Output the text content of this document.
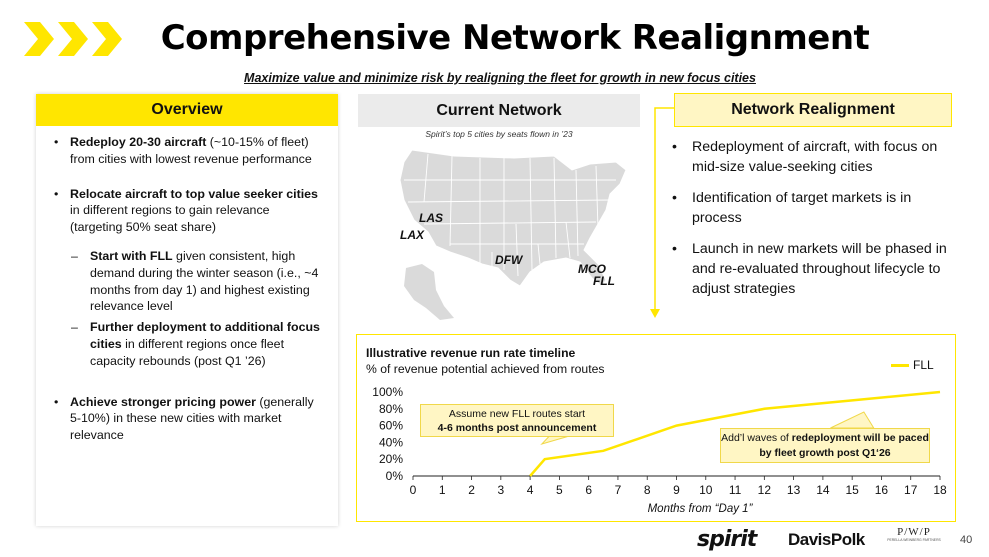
Comprehensive Network Realignment
Maximize value and minimize risk by realigning the fleet for growth in new focus cities
Overview
• Redeploy 20-30 aircraft (~10-15% of fleet) from cities with lowest revenue performance
• Relocate aircraft to top value seeker cities in different regions to gain relevance (targeting 50% seat share)
– Start with FLL given consistent, high demand during the winter season (i.e., ~4 months from day 1) and highest existing relevance level
– Further deployment to additional focus cities in different regions once fleet capacity rebounds (post Q1 ’26)
• Achieve stronger pricing power (generally 5-10%) in these new cities with market relevance
Current Network
Spirit’s top 5 cities by seats flown in ’23
LAS
LAX
DFW
MCO
FLL
Network Realignment
• Redeployment of aircraft, with focus on mid-size value-seeking cities
• Identification of target markets is in process
• Launch in new markets will be phased in and re-evaluated throughout lifecycle to adjust strategies
0 1 2 3 4 5 6 7 8 9 10 11 12 13 14 15 16 17 18
0%
20%
40%
60%
80%
100%
Illustrative revenue run rate timeline
% of revenue potential achieved from routes	FLL
Assume new FLL routes start
4-6 months post announcement
Add’l waves of redeployment will be paced by fleet growth post Q1‘26
Months from “Day 1”
spirit DavisPolk	P/W/P
PERELLA WEINBERG PARTNERS 40
